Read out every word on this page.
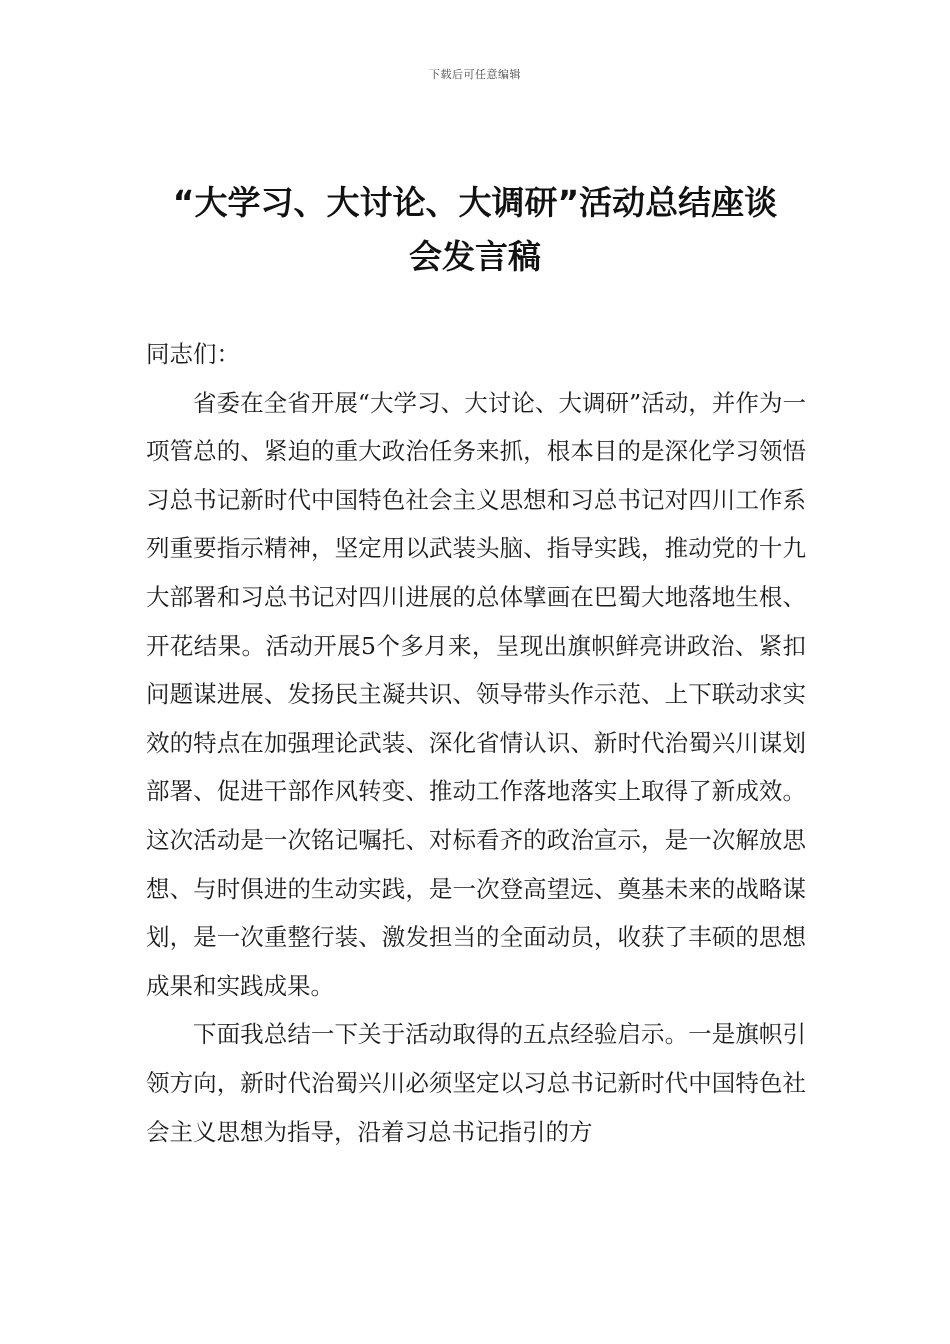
下载后可任意编辑
“大学习、大讨论、大调研”活动总结座谈
会发言稿

同志们：

省委在全省开展“大学习、大讨论、大调研”活动，并作为一项管总的、紧迫的重大政治任务来抓，根本目的是深化学习领悟习总书记新时代中国特色社会主义思想和习总书记对四川工作系列重要指示精神，坚定用以武装头脑、指导实践，推动党的十九大部署和习总书记对四川进展的总体擘画在巴蜀大地落地生根、开花结果。活动开展5个多月来，呈现出旗帜鲜亮讲政治、紧扣问题谋进展、发扬民主凝共识、领导带头作示范、上下联动求实效的特点在加强理论武装、深化省情认识、新时代治蜀兴川谋划部署、促进干部作风转变、推动工作落地落实上取得了新成效。这次活动是一次铭记嘱托、对标看齐的政治宣示，是一次解放思想、与时俱进的生动实践，是一次登高望远、奠基未来的战略谋划，是一次重整行装、激发担当的全面动员，收获了丰硕的思想成果和实践成果。

下面我总结一下关于活动取得的五点经验启示。一是旗帜引领方向，新时代治蜀兴川必须坚定以习总书记新时代中国特色社会主义思想为指导，沿着习总书记指引的方
